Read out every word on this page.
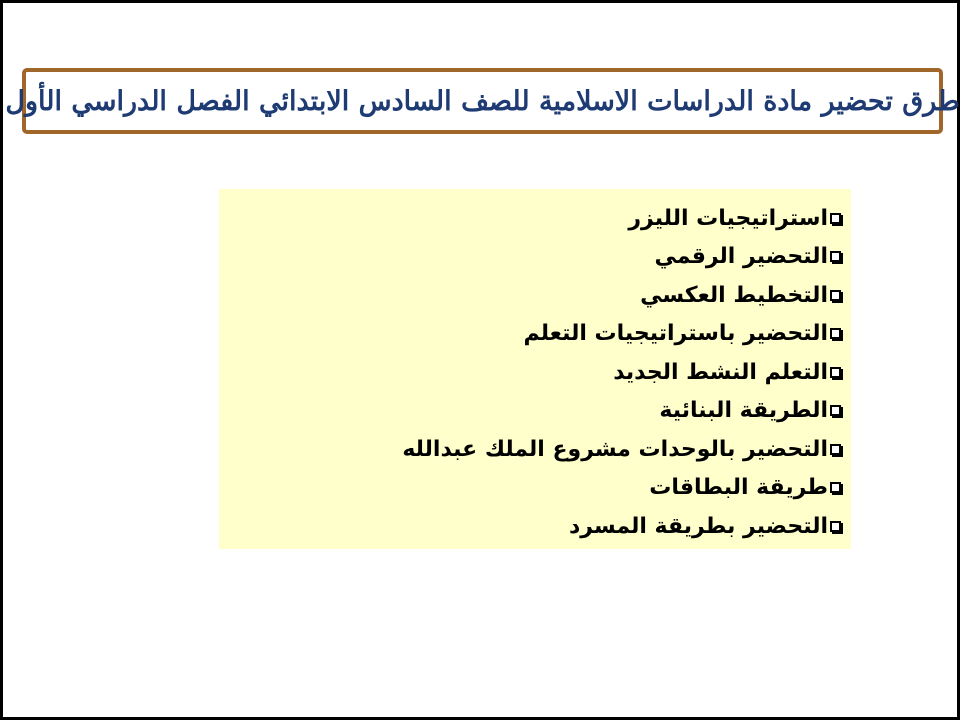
طرق تحضير مادة الدراسات الاسلامية للصف السادس الابتدائي الفصل الدراسي الأول
استراتيجيات الليزر
التحضير الرقمي
التخطيط العكسي
التحضير باستراتيجيات التعلم
التعلم النشط الجديد
الطريقة البنائية
التحضير بالوحدات مشروع الملك عبدالله
طريقة البطاقات
التحضير بطريقة المسرد
